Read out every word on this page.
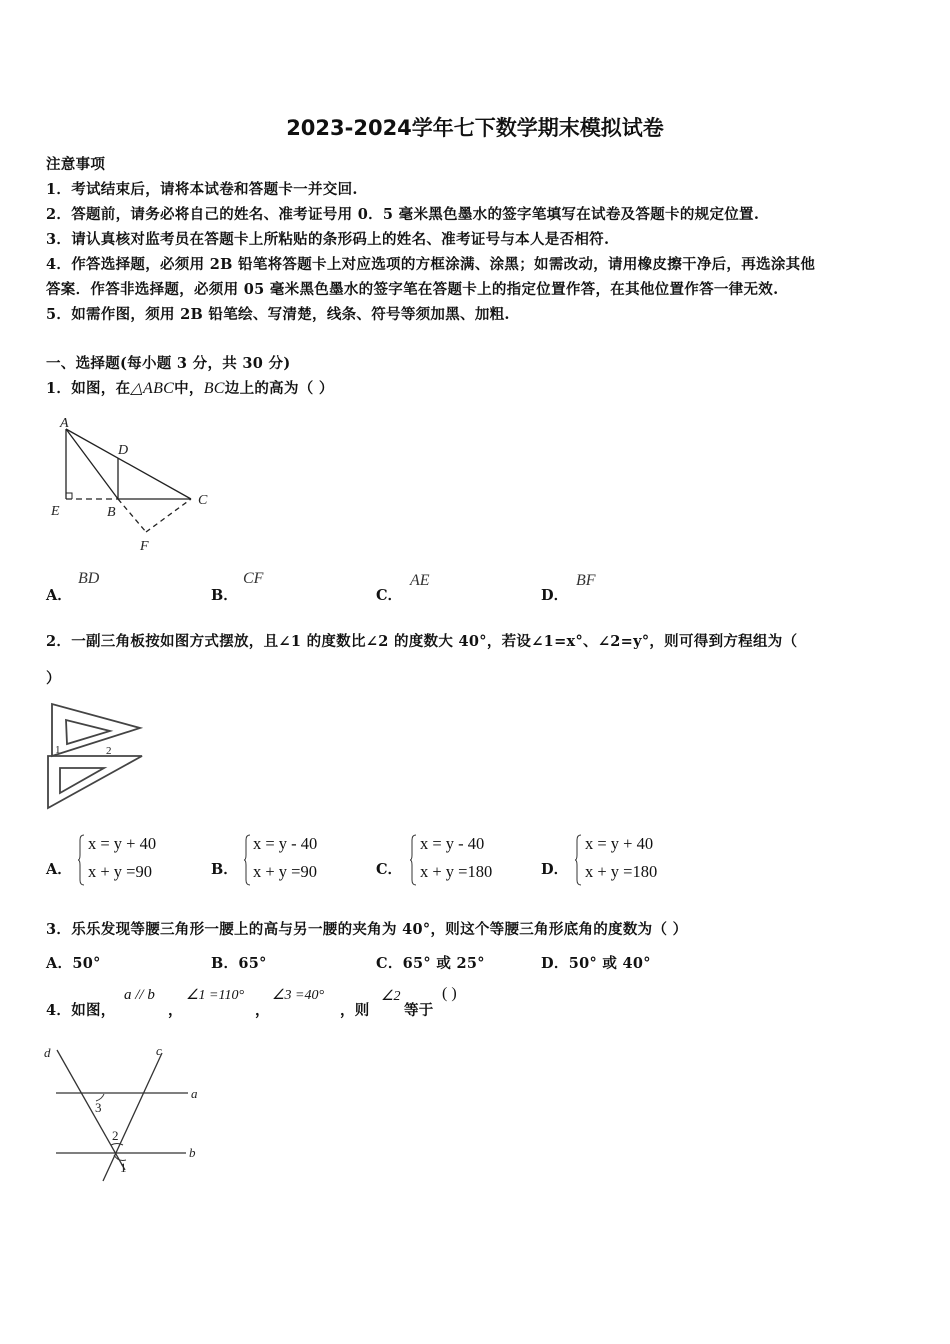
2023-2024学年七下数学期末模拟试卷
注意事项
1．考试结束后，请将本试卷和答题卡一并交回.
2．答题前，请务必将自己的姓名、准考证号用 0．5 毫米黑色墨水的签字笔填写在试卷及答题卡的规定位置.
3．请认真核对监考员在答题卡上所粘贴的条形码上的姓名、准考证号与本人是否相符.
4．作答选择题，必须用 2B 铅笔将答题卡上对应选项的方框涂满、涂黑；如需改动，请用橡皮擦干净后，再选涂其他
答案．作答非选择题，必须用 05 毫米黑色墨水的签字笔在答题卡上的指定位置作答，在其他位置作答一律无效.
5．如需作图，须用 2B 铅笔绘、写清楚，线条、符号等须加黑、加粗.
一、选择题(每小题 3 分，共 30 分)
1．如图，在△ABC中，BC边上的高为（ ）
A
D
C
E	B
F
A．
BD
B．
CF
C．
AE
D．
BF
2．一副三角板按如图方式摆放，且∠1 的度数比∠2 的度数大 40°，若设∠1=x°、∠2=y°，则可得到方程组为（
）
1	2
A．
x = y + 40
x + y =90	B．
x = y - 40
x + y =90	C．
x = y - 40
x + y =180	D．
x = y + 40
x + y =180
3．乐乐发现等腰三角形一腰上的高与另一腰的夹角为 40°，则这个等腰三角形底角的度数为（ ）
A．50°	B．65°	C．65° 或 25°	D．50° 或 40°
4．如图，
a // b
，
∠1 =110°
，
∠3 =40°
，则
∠2
等于
( )
d	c
a
b
3
2
1
